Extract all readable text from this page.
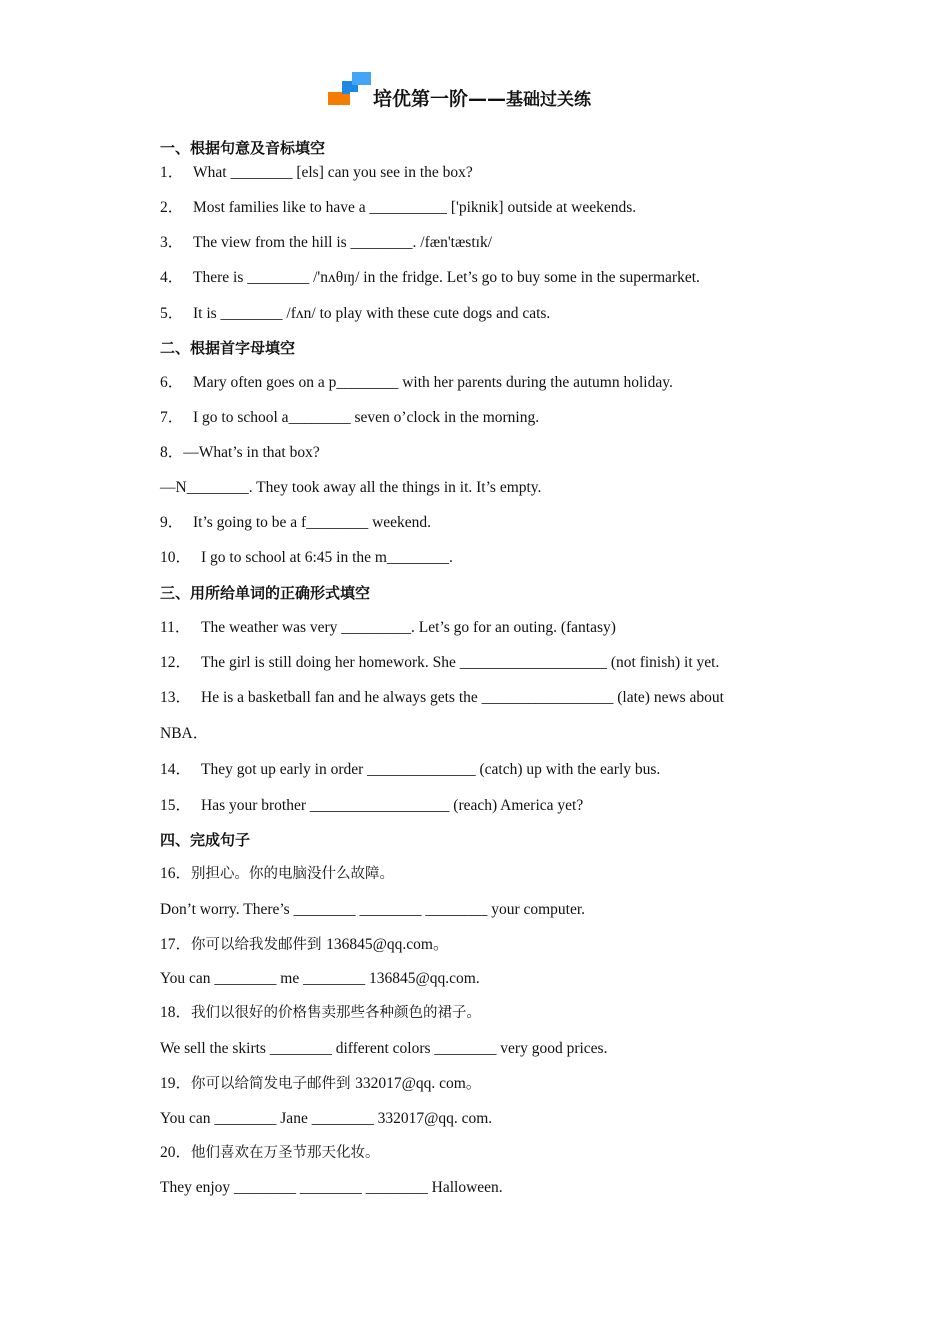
培优第一阶——基础过关练
一、根据句意及音标填空
1． What ________ [els] can you see in the box?
2． Most families like to have a __________ ['piknik] outside at weekends.
3． The view from the hill is ________. /fæn'tæstɪk/
4． There is ________ /'nʌθɪŋ/ in the fridge. Let’s go to buy some in the supermarket.
5． It is ________ /fʌn/ to play with these cute dogs and cats.
二、根据首字母填空
6． Mary often goes on a p________ with her parents during the autumn holiday.
7． I go to school a________ seven o’clock in the morning.
8．—What’s in that box?
—N________. They took away all the things in it. It’s empty.
9． It’s going to be a f________ weekend.
10． I go to school at 6:45 in the m________.
三、用所给单词的正确形式填空
11． The weather was very _________. Let’s go for an outing. (fantasy)
12． The girl is still doing her homework. She ___________________ (not finish) it yet.
13． He is a basketball fan and he always gets the _________________ (late) news about
NBA．
14． They got up early in order ______________ (catch) up with the early bus.
15． Has your brother __________________ (reach) America yet?
四、完成句子
16．别担心。你的电脑没什么故障。
Don’t worry. There’s ________ ________ ________ your computer.
17．你可以给我发邮件到 136845@qq.com。
You can ________ me ________ 136845@qq.com.
18．我们以很好的价格售卖那些各种颜色的裙子。
We sell the skirts ________ different colors ________ very good prices.
19．你可以给简发电子邮件到 332017@qq. com。
You can ________ Jane ________ 332017@qq. com.
20．他们喜欢在万圣节那天化妆。
They enjoy ________ ________ ________ Halloween.
